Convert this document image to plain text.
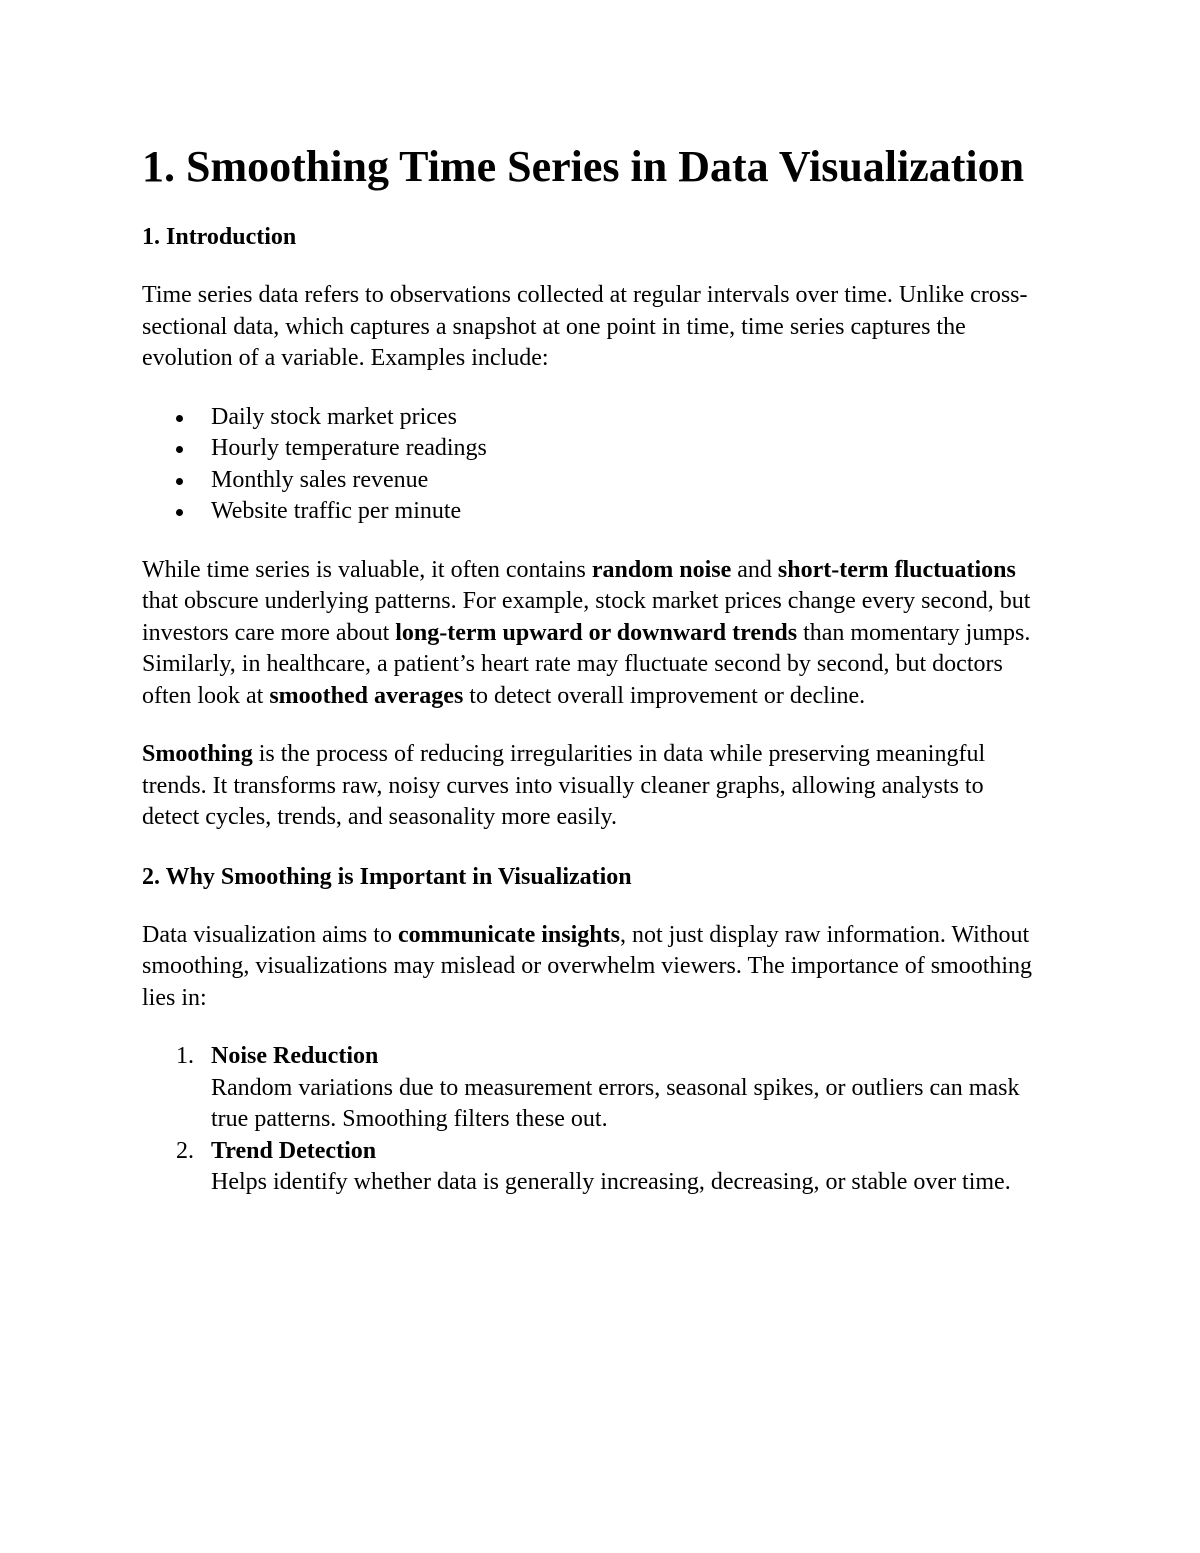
1. Smoothing Time Series in Data Visualization
1. Introduction

Time series data refers to observations collected at regular intervals over time. Unlike cross-sectional data, which captures a snapshot at one point in time, time series captures the evolution of a variable. Examples include:

Daily stock market prices
Hourly temperature readings
Monthly sales revenue
Website traffic per minute

While time series is valuable, it often contains random noise and short-term fluctuations that obscure underlying patterns. For example, stock market prices change every second, but investors care more about long-term upward or downward trends than momentary jumps. Similarly, in healthcare, a patient’s heart rate may fluctuate second by second, but doctors often look at smoothed averages to detect overall improvement or decline.

Smoothing is the process of reducing irregularities in data while preserving meaningful trends. It transforms raw, noisy curves into visually cleaner graphs, allowing analysts to detect cycles, trends, and seasonality more easily.

2. Why Smoothing is Important in Visualization

Data visualization aims to communicate insights, not just display raw information. Without smoothing, visualizations may mislead or overwhelm viewers. The importance of smoothing lies in:

1. Noise Reduction
Random variations due to measurement errors, seasonal spikes, or outliers can mask true patterns. Smoothing filters these out.
2. Trend Detection
Helps identify whether data is generally increasing, decreasing, or stable over time.
